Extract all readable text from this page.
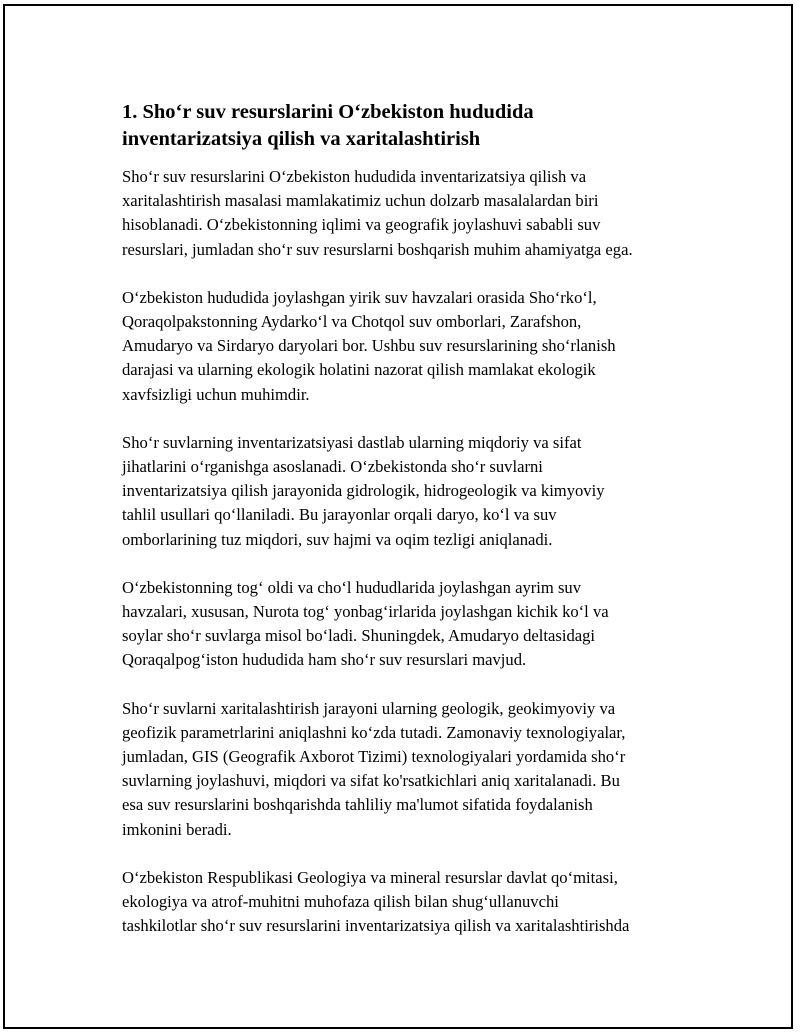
1. Sho‘r suv resurslarini O‘zbekiston hududida
inventarizatsiya qilish va xaritalashtirish

Sho‘r suv resurslarini O‘zbekiston hududida inventarizatsiya qilish va
xaritalashtirish masalasi mamlakatimiz uchun dolzarb masalalardan biri
hisoblanadi. O‘zbekistonning iqlimi va geografik joylashuvi sababli suv
resurslari, jumladan sho‘r suv resurslarni boshqarish muhim ahamiyatga ega.

O‘zbekiston hududida joylashgan yirik suv havzalari orasida Sho‘rko‘l,
Qoraqolpakstonning Aydarko‘l va Chotqol suv omborlari, Zarafshon,
Amudaryo va Sirdaryo daryolari bor. Ushbu suv resurslarining sho‘rlanish
darajasi va ularning ekologik holatini nazorat qilish mamlakat ekologik
xavfsizligi uchun muhimdir.

Sho‘r suvlarning inventarizatsiyasi dastlab ularning miqdoriy va sifat
jihatlarini o‘rganishga asoslanadi. O‘zbekistonda sho‘r suvlarni
inventarizatsiya qilish jarayonida gidrologik, hidrogeologik va kimyoviy
tahlil usullari qo‘llaniladi. Bu jarayonlar orqali daryo, ko‘l va suv
omborlarining tuz miqdori, suv hajmi va oqim tezligi aniqlanadi.

O‘zbekistonning tog‘ oldi va cho‘l hududlarida joylashgan ayrim suv
havzalari, xususan, Nurota tog‘ yonbag‘irlarida joylashgan kichik ko‘l va
soylar sho‘r suvlarga misol bo‘ladi. Shuningdek, Amudaryo deltasidagi
Qoraqalpog‘iston hududida ham sho‘r suv resurslari mavjud.

Sho‘r suvlarni xaritalashtirish jarayoni ularning geologik, geokimyoviy va
geofizik parametrlarini aniqlashni ko‘zda tutadi. Zamonaviy texnologiyalar,
jumladan, GIS (Geografik Axborot Tizimi) texnologiyalari yordamida sho‘r
suvlarning joylashuvi, miqdori va sifat ko'rsatkichlari aniq xaritalanadi. Bu
esa suv resurslarini boshqarishda tahliliy ma'lumot sifatida foydalanish
imkonini beradi.

O‘zbekiston Respublikasi Geologiya va mineral resurslar davlat qo‘mitasi,
ekologiya va atrof-muhitni muhofaza qilish bilan shug‘ullanuvchi
tashkilotlar sho‘r suv resurslarini inventarizatsiya qilish va xaritalashtirishda
